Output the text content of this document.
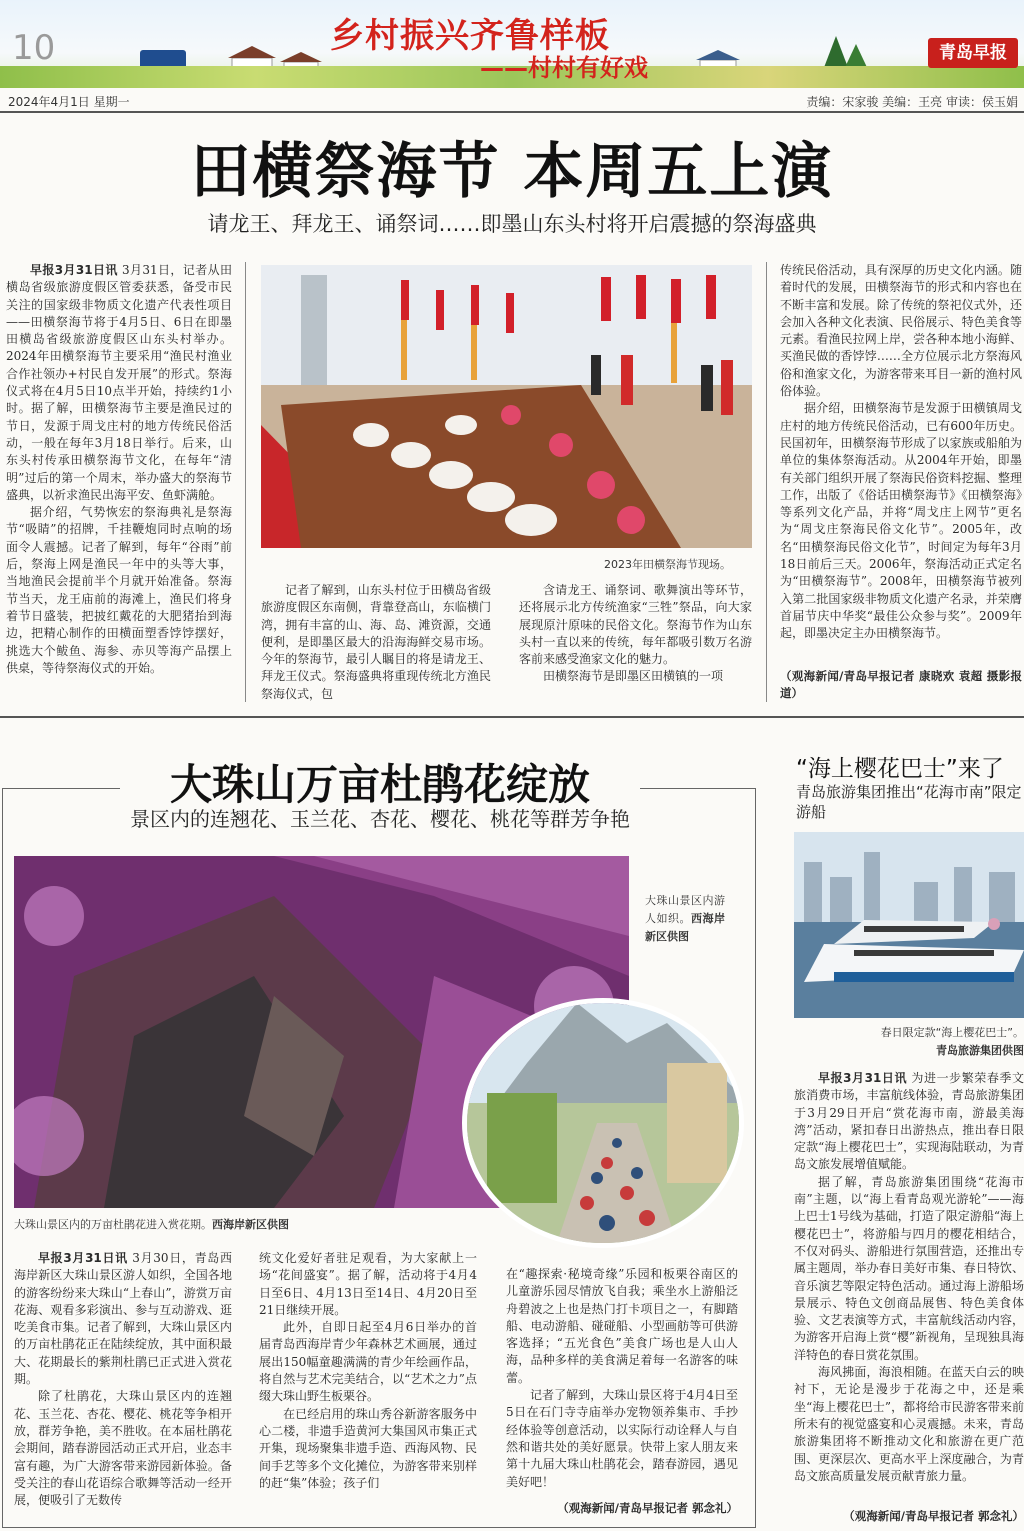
10	乡村振兴齐鲁样板
——村村有好戏
青岛早报
2024年4月1日 星期一	责编：宋家骏 美编：王亮 审读：侯玉娟
田横祭海节 本周五上演
请龙王、拜龙王、诵祭词……即墨山东头村将开启震撼的祭海盛典

早报3月31日讯 3月31日，记者从田横岛省级旅游度假区管委获悉，备受市民关注的国家级非物质文化遗产代表性项目——田横祭海节将于4月5日、6日在即墨田横岛省级旅游度假区山东头村举办。2024年田横祭海节主要采用“渔民村渔业合作社领办+村民自发开展”的形式。祭海仪式将在4月5日10点半开始，持续约1小时。据了解，田横祭海节主要是渔民过的节日，发源于周戈庄村的地方传统民俗活动，一般在每年3月18日举行。后来，山东头村传承田横祭海节文化，在每年“清明”过后的第一个周末，举办盛大的祭海节盛典，以祈求渔民出海平安、鱼虾满舱。

据介绍，气势恢宏的祭海典礼是祭海节“吸睛”的招牌，千挂鞭炮同时点响的场面令人震撼。记者了解到，每年“谷雨”前后，祭海上网是渔民一年中的头等大事，当地渔民会提前半个月就开始准备。祭海节当天，龙王庙前的海滩上，渔民们将身着节日盛装，把披红戴花的大肥猪抬到海边，把精心制作的田横面塑香饽饽摆好，挑选大个鲅鱼、海参、赤贝等海产品摆上供桌，等待祭海仪式的开始。

2023年田横祭海节现场。

记者了解到，山东头村位于田横岛省级旅游度假区东南侧，背靠登高山，东临横门湾，拥有丰富的山、海、岛、滩资源，交通便利，是即墨区最大的沿海海鲜交易市场。今年的祭海节，最引人瞩目的将是请龙王、拜龙王仪式。祭海盛典将重现传统北方渔民祭海仪式，包

含请龙王、诵祭词、歌舞演出等环节，还将展示北方传统渔家“三牲”祭品，向大家展现原汁原味的民俗文化。祭海节作为山东头村一直以来的传统，每年都吸引数万名游客前来感受渔家文化的魅力。

田横祭海节是即墨区田横镇的一项

传统民俗活动，具有深厚的历史文化内涵。随着时代的发展，田横祭海节的形式和内容也在不断丰富和发展。除了传统的祭祀仪式外，还会加入各种文化表演、民俗展示、特色美食等元素。看渔民拉网上岸，尝各种本地小海鲜、买渔民做的香饽饽……全方位展示北方祭海风俗和渔家文化，为游客带来耳目一新的渔村风俗体验。

据介绍，田横祭海节是发源于田横镇周戈庄村的地方传统民俗活动，已有600年历史。民国初年，田横祭海节形成了以家族或船舶为单位的集体祭海活动。从2004年开始，即墨有关部门组织开展了祭海民俗资料挖掘、整理工作，出版了《俗话田横祭海节》《田横祭海》等系列文化产品，并将“周戈庄上网节”更名为“周戈庄祭海民俗文化节”。2005年，改名“田横祭海民俗文化节”，时间定为每年3月18日前后三天。2006年，祭海活动正式定名为“田横祭海节”。2008年，田横祭海节被列入第二批国家级非物质文化遗产名录，并荣膺首届节庆中华奖“最佳公众参与奖”。2009年起，即墨决定主办田横祭海节。

（观海新闻/青岛早报记者 康晓欢 袁超 摄影报道）
大珠山万亩杜鹃花绽放
景区内的连翘花、玉兰花、杏花、樱花、桃花等群芳争艳
大珠山景区内游人如织。西海岸新区供图
大珠山景区内的万亩杜鹃花进入赏花期。西海岸新区供图

早报3月31日讯 3月30日，青岛西海岸新区大珠山景区游人如织，全国各地的游客纷纷来大珠山“上春山”，游赏万亩花海、观看多彩演出、参与互动游戏、逛吃美食市集。记者了解到，大珠山景区内的万亩杜鹃花正在陆续绽放，其中面积最大、花期最长的紫荆杜鹃已正式进入赏花期。

除了杜鹃花，大珠山景区内的连翘花、玉兰花、杏花、樱花、桃花等争相开放，群芳争艳，美不胜收。在本届杜鹃花会期间，踏春游园活动正式开启，业态丰富有趣，为广大游客带来游园新体验。备受关注的春山花语综合歌舞等活动一经开展，便吸引了无数传

统文化爱好者驻足观看，为大家献上一场“花间盛宴”。据了解，活动将于4月4日至6日、4月13日至14日、4月20日至21日继续开展。

此外，自即日起至4月6日举办的首届青岛西海岸青少年森林艺术画展，通过展出150幅童趣满满的青少年绘画作品，将自然与艺术完美结合，以“艺术之力”点缀大珠山野生板栗谷。

在已经启用的珠山秀谷新游客服务中心二楼，非遗手造黄河大集国风市集正式开集，现场聚集非遗手造、西海风物、民间手艺等多个文化摊位，为游客带来别样的赶“集”体验；孩子们

在“趣探索·秘境奇缘”乐园和板栗谷南区的儿童游乐园尽情放飞自我；乘坐水上游船泛舟碧波之上也是热门打卡项目之一，有脚踏船、电动游船、碰碰船、小型画舫等可供游客选择；“五光食色”美食广场也是人山人海，品种多样的美食满足着每一名游客的味蕾。

记者了解到，大珠山景区将于4月4日至5日在石门寺寺庙举办宠物领养集市、手抄经体验等创意活动，以实际行动诠释人与自然和谐共处的美好愿景。快带上家人朋友来第十九届大珠山杜鹃花会，踏春游园，遇见美好吧！

（观海新闻/青岛早报记者 郭念礼）
“海上樱花巴士”来了
青岛旅游集团推出“花海市南”限定游船
春日限定款“海上樱花巴士”。
青岛旅游集团供图

早报3月31日讯 为进一步繁荣春季文旅消费市场，丰富航线体验，青岛旅游集团于3月29日开启“赏花海市南，游最美海湾”活动，紧扣春日出游热点，推出春日限定款“海上樱花巴士”，实现海陆联动，为青岛文旅发展增值赋能。

据了解，青岛旅游集团围绕“花海市南”主题，以“海上看青岛观光游轮”——海上巴士1号线为基础，打造了限定游船“海上樱花巴士”，将游船与四月的樱花相结合，不仅对码头、游船进行氛围营造，还推出专属主题周，举办春日美好市集、春日特饮、音乐演艺等限定特色活动。通过海上游船场景展示、特色文创商品展售、特色美食体验、文艺表演等方式，丰富航线活动内容，为游客开启海上赏“樱”新视角，呈现独具海洋特色的春日赏花氛围。

海风拂面，海浪相随。在蓝天白云的映衬下，无论是漫步于花海之中，还是乘坐“海上樱花巴士”，都将给市民游客带来前所未有的视觉盛宴和心灵震撼。未来，青岛旅游集团将不断推动文化和旅游在更广范围、更深层次、更高水平上深度融合，为青岛文旅高质量发展贡献青旅力量。

（观海新闻/青岛早报记者 郭念礼）
